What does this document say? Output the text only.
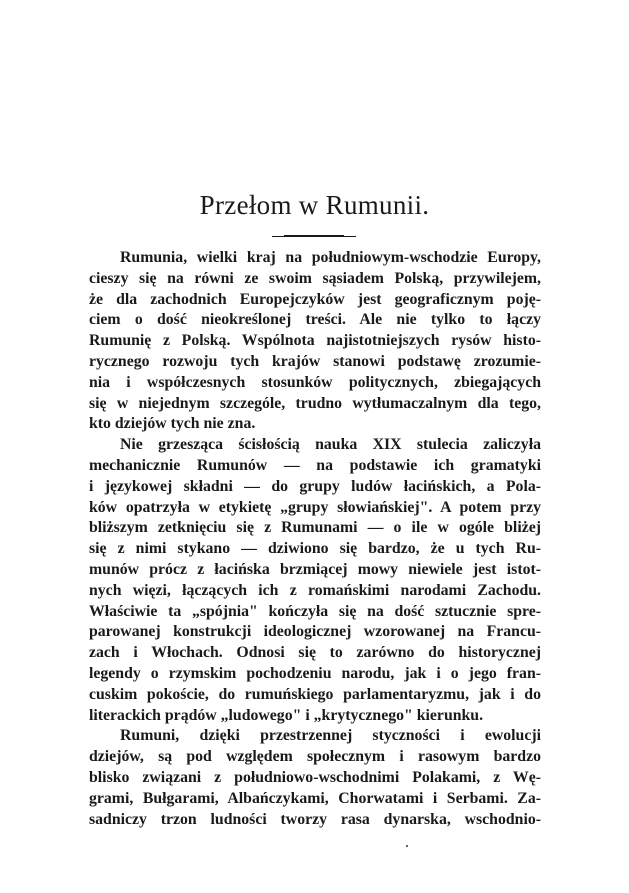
Przełom w Rumunii.
Rumunia, wielki kraj na południowym-wschodzie Europy,
cieszy się na równi ze swoim sąsiadem Polską, przywilejem,
że dla zachodnich Europejczyków jest geograficznym poję-
ciem o dość nieokreślonej treści. Ale nie tylko to łączy
Rumunię z Polską. Wspólnota najistotniejszych rysów histo-
rycznego rozwoju tych krajów stanowi podstawę zrozumie-
nia i współczesnych stosunków politycznych, zbiegających
się w niejednym szczególe, trudno wytłumaczalnym dla tego,
kto dziejów tych nie zna.
Nie grzesząca ścisłością nauka XIX stulecia zaliczyła
mechanicznie Rumunów — na podstawie ich gramatyki
i językowej składni — do grupy ludów łacińskich, a Pola-
ków opatrzyła w etykietę „grupy słowiańskiej". A potem przy
bliższym zetknięciu się z Rumunami — o ile w ogóle bliżej
się z nimi stykano — dziwiono się bardzo, że u tych Ru-
munów prócz z łacińska brzmiącej mowy niewiele jest istot-
nych więzi, łączących ich z romańskimi narodami Zachodu.
Właściwie ta „spójnia" kończyła się na dość sztucznie spre-
parowanej konstrukcji ideologicznej wzorowanej na Francu-
zach i Włochach. Odnosi się to zarówno do historycznej
legendy o rzymskim pochodzeniu narodu, jak i o jego fran-
cuskim pokoście, do rumuńskiego parlamentaryzmu, jak i do
literackich prądów „ludowego" i „krytycznego" kierunku.
Rumuni, dzięki przestrzennej styczności i ewolucji
dziejów, są pod względem społecznym i rasowym bardzo
blisko związani z południowo-wschodnimi Polakami, z Wę-
grami, Bułgarami, Albańczykami, Chorwatami i Serbami. Za-
sadniczy trzon ludności tworzy rasa dynarska, wschodnio-
